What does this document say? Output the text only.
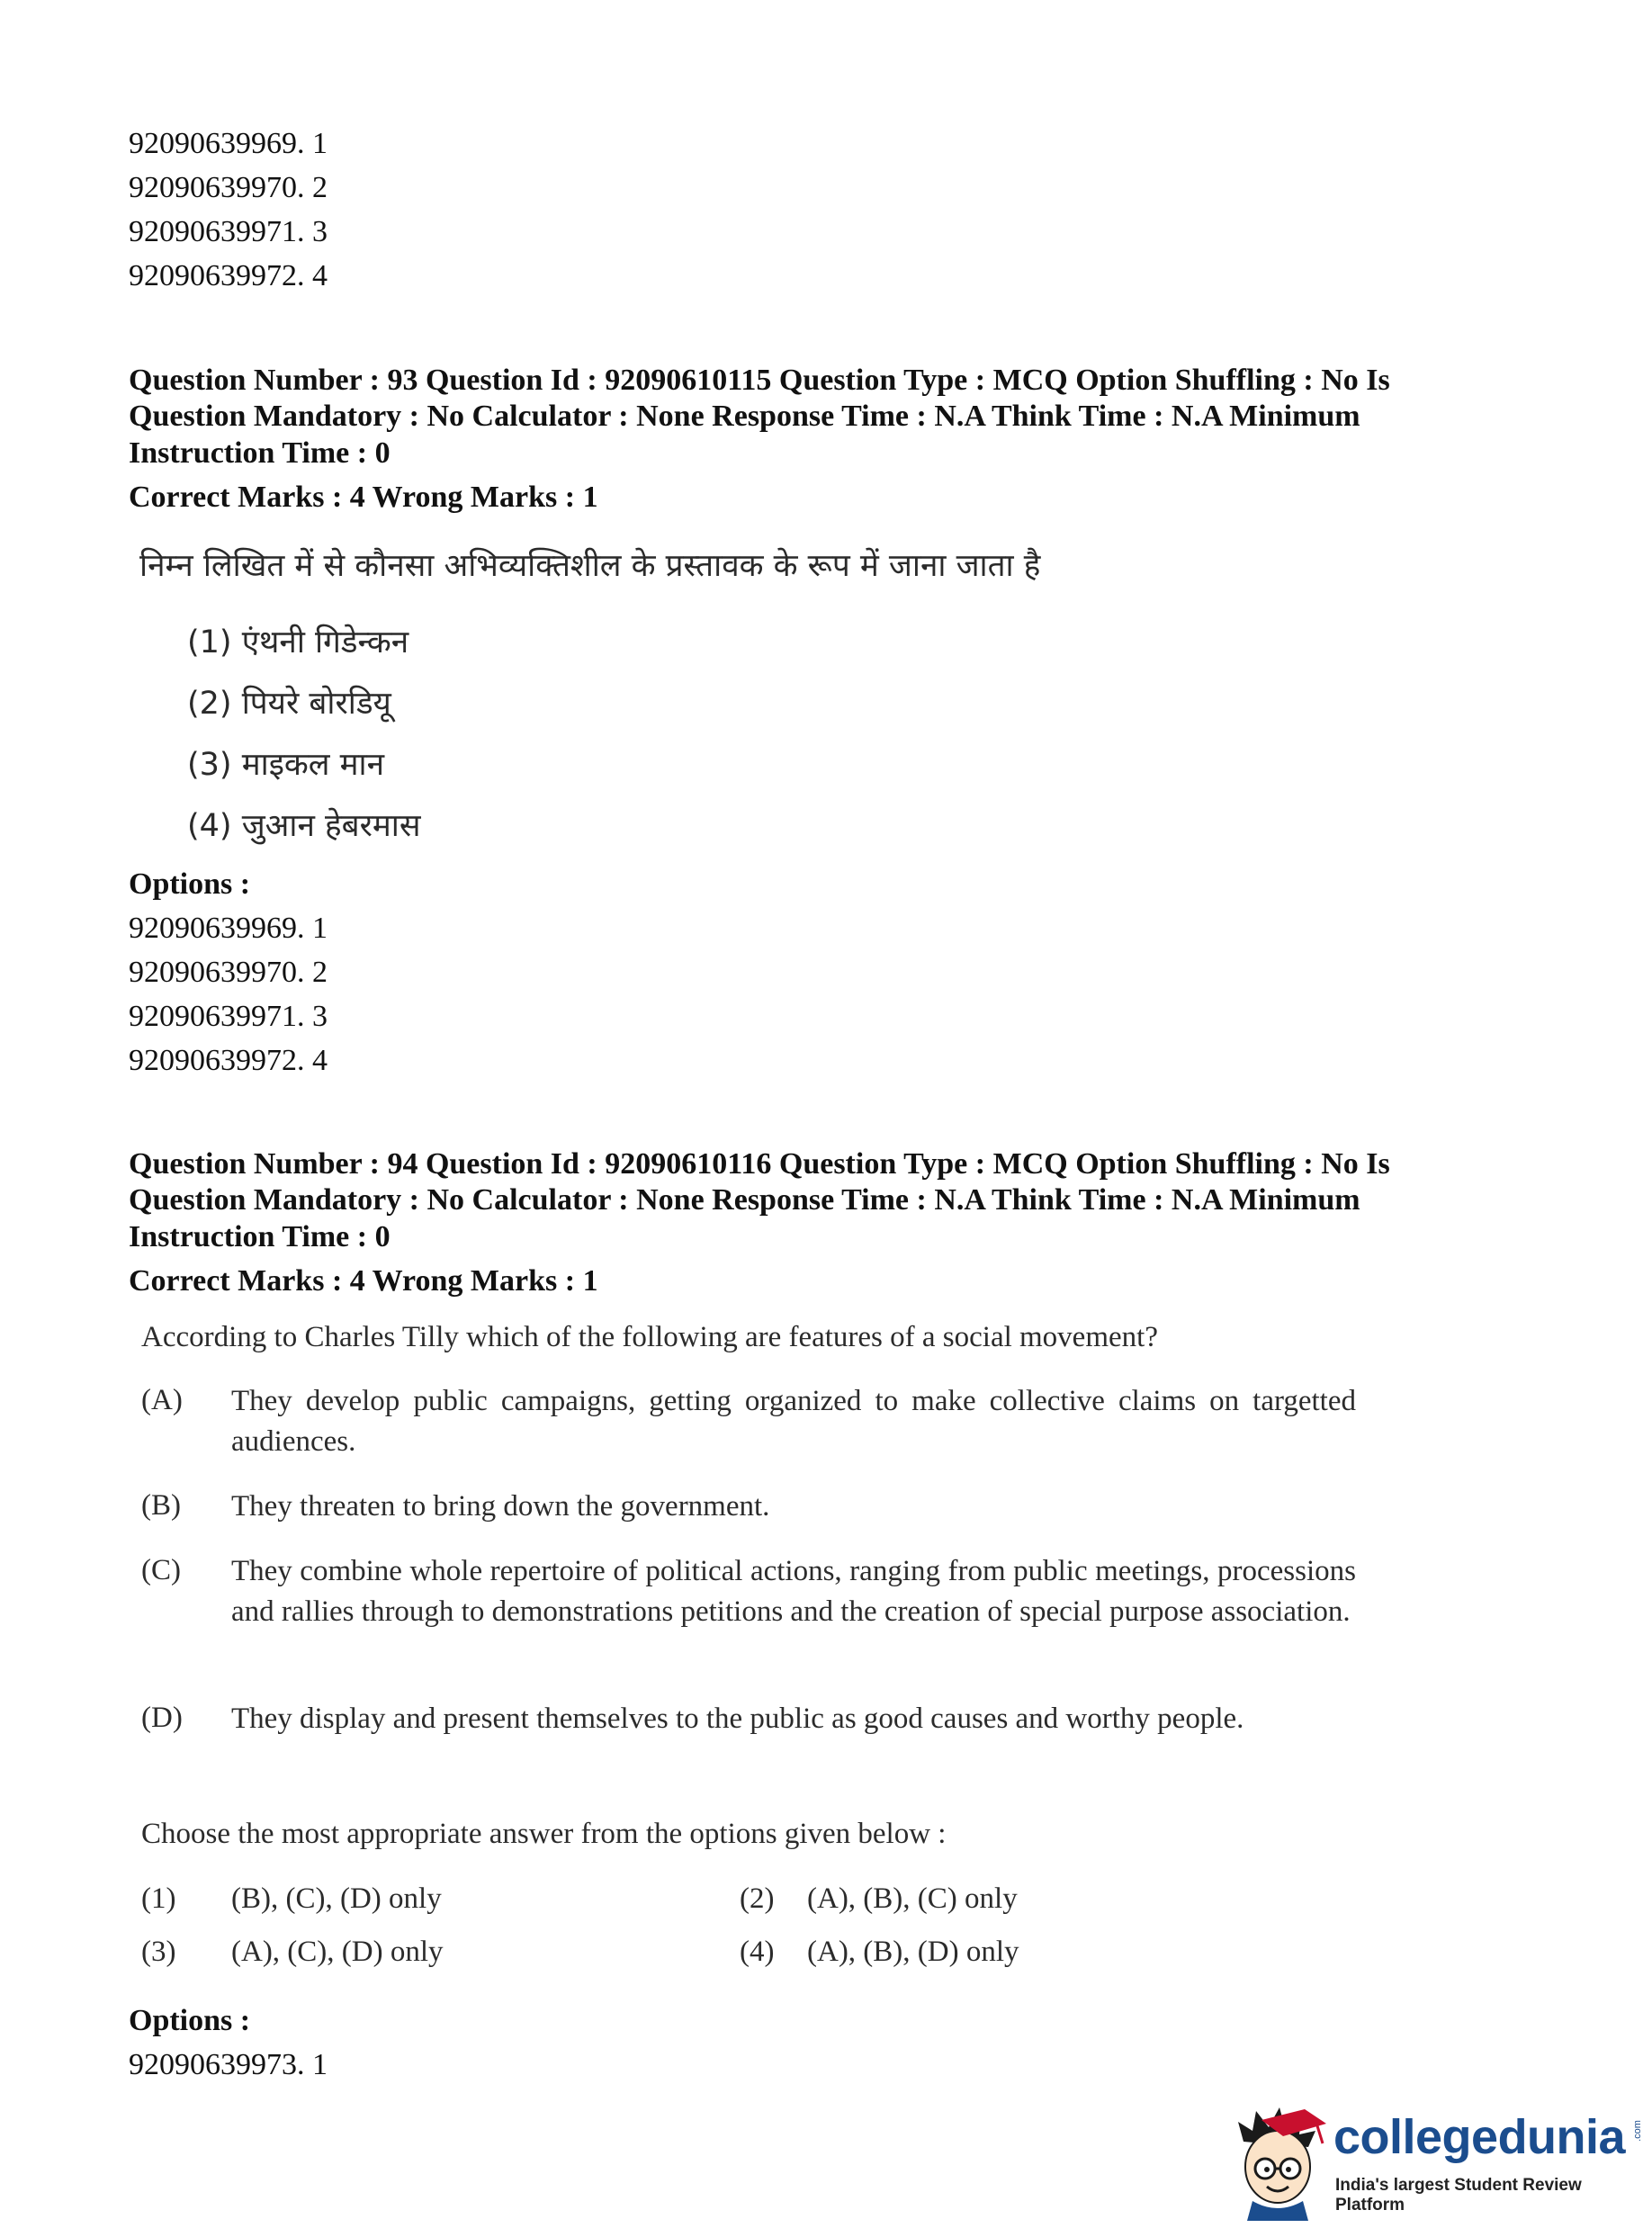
92090639969. 1
92090639970. 2
92090639971. 3
92090639972. 4
Question Number : 93 Question Id : 92090610115 Question Type : MCQ Option Shuffling : No Is
Question Mandatory : No Calculator : None Response Time : N.A Think Time : N.A Minimum
Instruction Time : 0
Correct Marks : 4 Wrong Marks : 1
निम्न लिखित में से कौनसा अभिव्यक्तिशील के प्रस्तावक के रूप में जाना जाता है
(1) एंथनी गिडेन्कन
(2) पियरे बोरडियू
(3) माइकल मान
(4) जुआन हेबरमास
Options :
92090639969. 1
92090639970. 2
92090639971. 3
92090639972. 4
Question Number : 94 Question Id : 92090610116 Question Type : MCQ Option Shuffling : No Is
Question Mandatory : No Calculator : None Response Time : N.A Think Time : N.A Minimum
Instruction Time : 0
Correct Marks : 4 Wrong Marks : 1
According to Charles Tilly which of the following are features of a social movement?
(A) They develop public campaigns, getting organized to make collective claims on targetted audiences.
(B) They threaten to bring down the government.
(C) They combine whole repertoire of political actions, ranging from public meetings, processions and rallies through to demonstrations petitions and the creation of special purpose association.
(D) They display and present themselves to the public as good causes and worthy people.
Choose the most appropriate answer from the options given below :
(1) (B), (C), (D) only	(2) (A), (B), (C) only
(3) (A), (C), (D) only	(4) (A), (B), (D) only
Options :
92090639973. 1
collegedunia .com
India's largest Student Review Platform
